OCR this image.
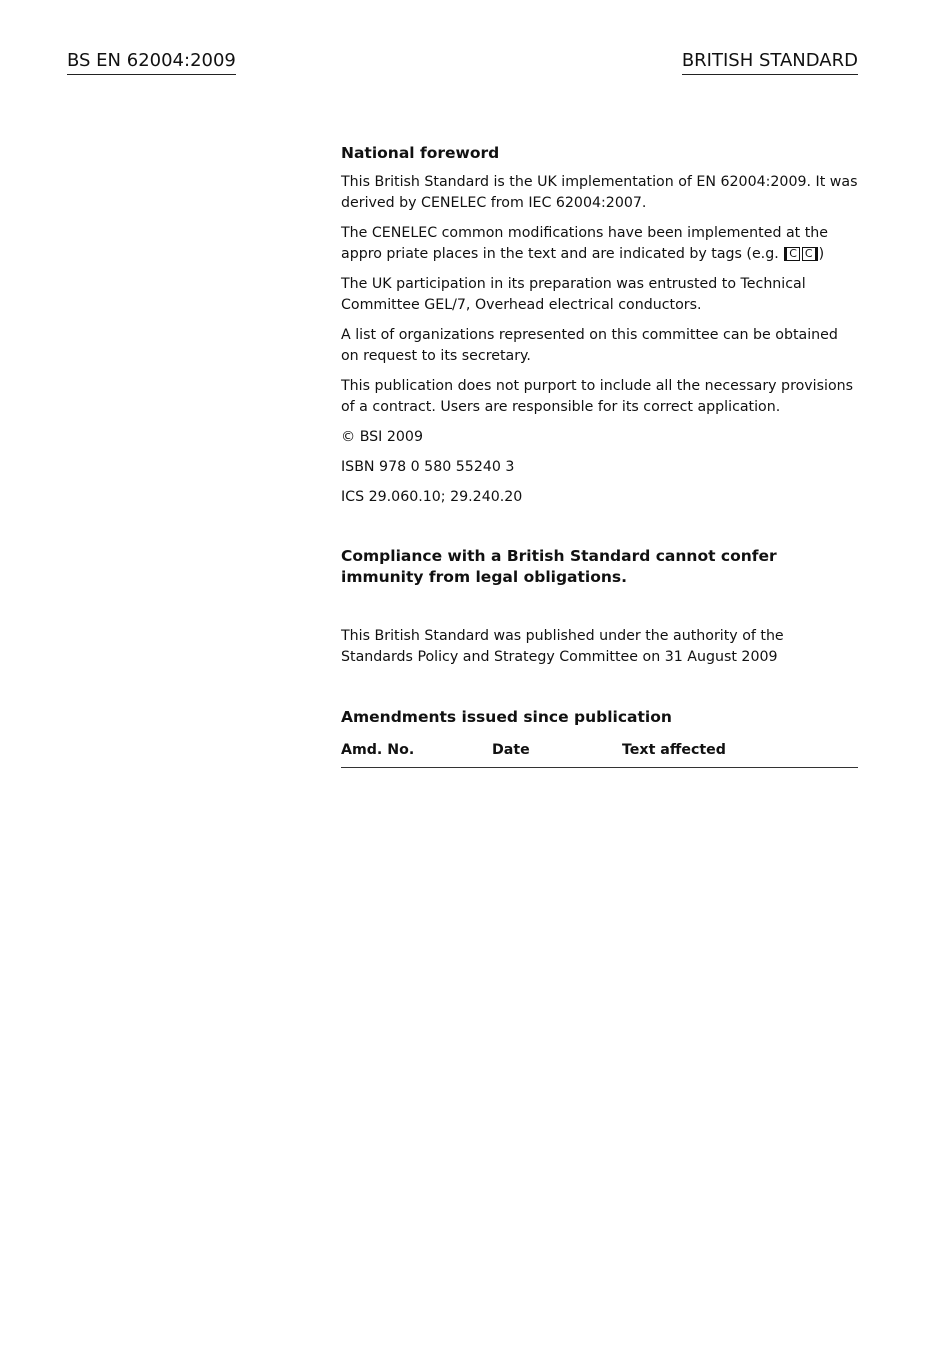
BS EN 62004:2009	BRITISH STANDARD
National foreword

This British Standard is the UK implementation of EN 62004:2009. It was derived by CENELEC from IEC 62004:2007.

The CENELEC common modifications have been implemented at the appro priate places in the text and are indicated by tags (e.g. C C )

The UK participation in its preparation was entrusted to Technical Committee GEL/7, Overhead electrical conductors.

A list of organizations represented on this committee can be obtained on request to its secretary.

This publication does not purport to include all the necessary provisions of a contract. Users are responsible for its correct application.

© BSI 2009

ISBN 978 0 580 55240 3

ICS 29.060.10; 29.240.20

Compliance with a British Standard cannot confer immunity from legal obligations.
This British Standard was published under the authority of the Standards Policy and Strategy Committee on 31 August 2009
Amendments issued since publication
Amd. No.	Date	Text affected
